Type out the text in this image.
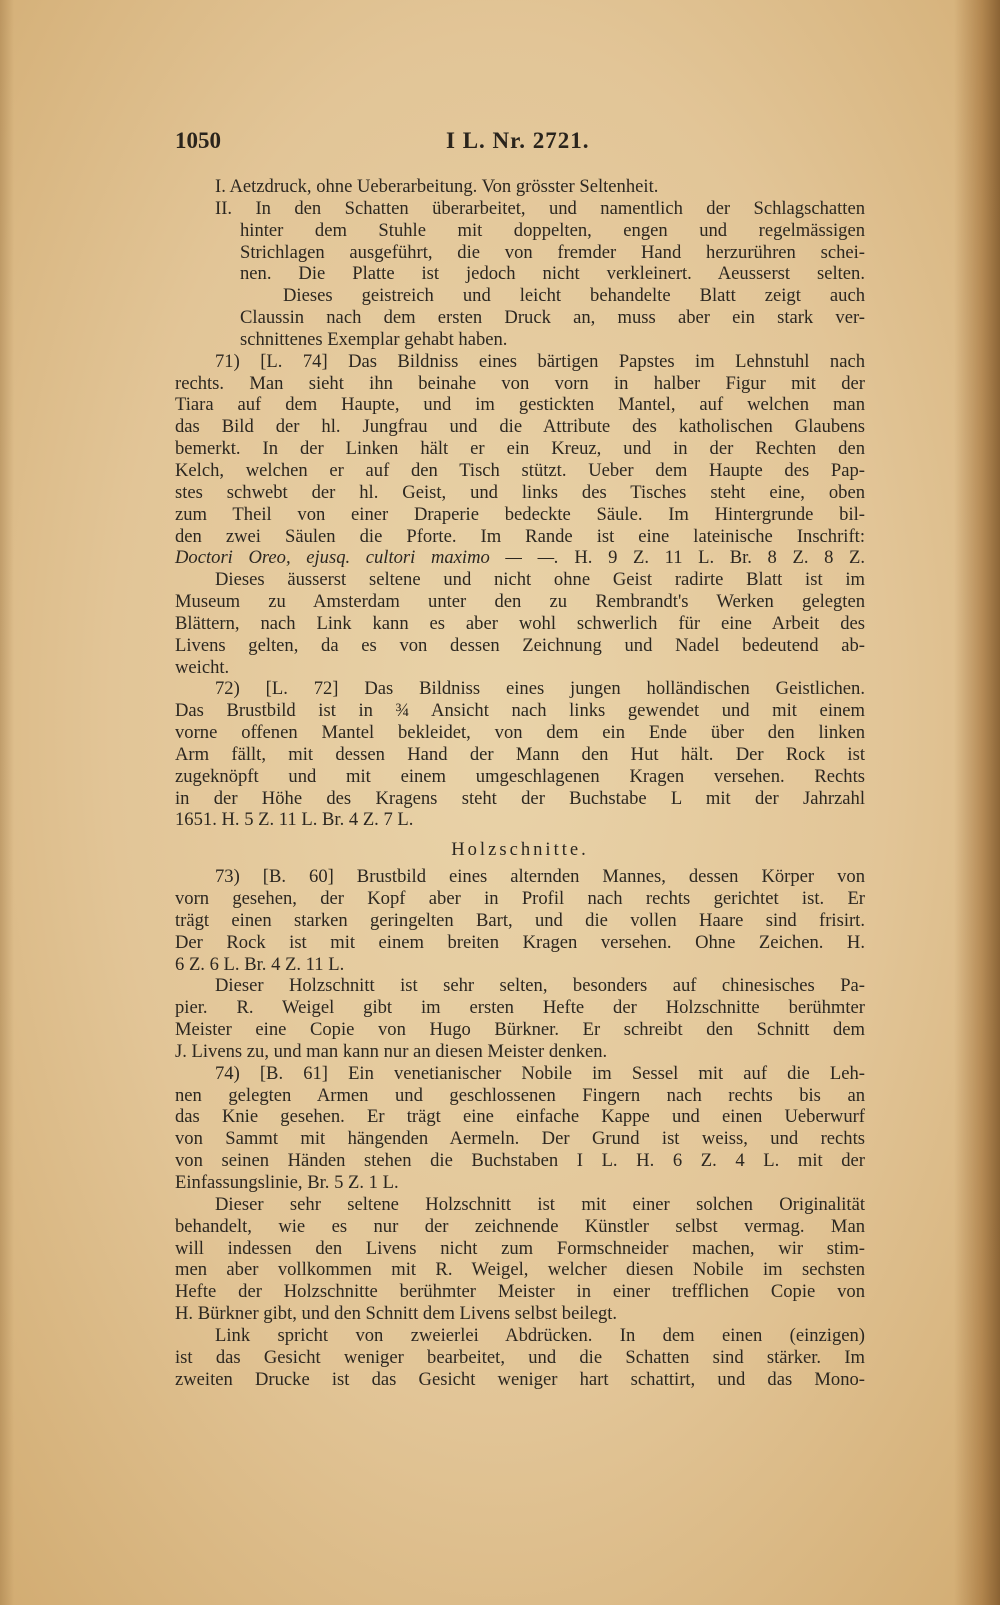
1050	I L. Nr. 2721.
I. Aetzdruck, ohne Ueberarbeitung. Von grösster Seltenheit.
II. In den Schatten überarbeitet, und namentlich der Schlagschatten
hinter dem Stuhle mit doppelten, engen und regelmässigen
Strichlagen ausgeführt, die von fremder Hand herzurühren schei-
nen. Die Platte ist jedoch nicht verkleinert. Aeusserst selten.
Dieses geistreich und leicht behandelte Blatt zeigt auch
Claussin nach dem ersten Druck an, muss aber ein stark ver-
schnittenes Exemplar gehabt haben.
71) [L. 74] Das Bildniss eines bärtigen Papstes im Lehnstuhl nach
rechts. Man sieht ihn beinahe von vorn in halber Figur mit der
Tiara auf dem Haupte, und im gestickten Mantel, auf welchen man
das Bild der hl. Jungfrau und die Attribute des katholischen Glaubens
bemerkt. In der Linken hält er ein Kreuz, und in der Rechten den
Kelch, welchen er auf den Tisch stützt. Ueber dem Haupte des Pap-
stes schwebt der hl. Geist, und links des Tisches steht eine, oben
zum Theil von einer Draperie bedeckte Säule. Im Hintergrunde bil-
den zwei Säulen die Pforte. Im Rande ist eine lateinische Inschrift:
Doctori Oreo, ejusq. cultori maximo — —. H. 9 Z. 11 L. Br. 8 Z. 8 Z.
Dieses äusserst seltene und nicht ohne Geist radirte Blatt ist im
Museum zu Amsterdam unter den zu Rembrandt's Werken gelegten
Blättern, nach Link kann es aber wohl schwerlich für eine Arbeit des
Livens gelten, da es von dessen Zeichnung und Nadel bedeutend ab-
weicht.
72) [L. 72] Das Bildniss eines jungen holländischen Geistlichen.
Das Brustbild ist in ¾ Ansicht nach links gewendet und mit einem
vorne offenen Mantel bekleidet, von dem ein Ende über den linken
Arm fällt, mit dessen Hand der Mann den Hut hält. Der Rock ist
zugeknöpft und mit einem umgeschlagenen Kragen versehen. Rechts
in der Höhe des Kragens steht der Buchstabe L mit der Jahrzahl
1651. H. 5 Z. 11 L. Br. 4 Z. 7 L.
Holzschnitte.
73) [B. 60] Brustbild eines alternden Mannes, dessen Körper von
vorn gesehen, der Kopf aber in Profil nach rechts gerichtet ist. Er
trägt einen starken geringelten Bart, und die vollen Haare sind frisirt.
Der Rock ist mit einem breiten Kragen versehen. Ohne Zeichen. H.
6 Z. 6 L. Br. 4 Z. 11 L.
Dieser Holzschnitt ist sehr selten, besonders auf chinesisches Pa-
pier. R. Weigel gibt im ersten Hefte der Holzschnitte berühmter
Meister eine Copie von Hugo Bürkner. Er schreibt den Schnitt dem
J. Livens zu, und man kann nur an diesen Meister denken.
74) [B. 61] Ein venetianischer Nobile im Sessel mit auf die Leh-
nen gelegten Armen und geschlossenen Fingern nach rechts bis an
das Knie gesehen. Er trägt eine einfache Kappe und einen Ueberwurf
von Sammt mit hängenden Aermeln. Der Grund ist weiss, und rechts
von seinen Händen stehen die Buchstaben I L. H. 6 Z. 4 L. mit der
Einfassungslinie, Br. 5 Z. 1 L.
Dieser sehr seltene Holzschnitt ist mit einer solchen Originalität
behandelt, wie es nur der zeichnende Künstler selbst vermag. Man
will indessen den Livens nicht zum Formschneider machen, wir stim-
men aber vollkommen mit R. Weigel, welcher diesen Nobile im sechsten
Hefte der Holzschnitte berühmter Meister in einer trefflichen Copie von
H. Bürkner gibt, und den Schnitt dem Livens selbst beilegt.
Link spricht von zweierlei Abdrücken. In dem einen (einzigen)
ist das Gesicht weniger bearbeitet, und die Schatten sind stärker. Im
zweiten Drucke ist das Gesicht weniger hart schattirt, und das Mono-
